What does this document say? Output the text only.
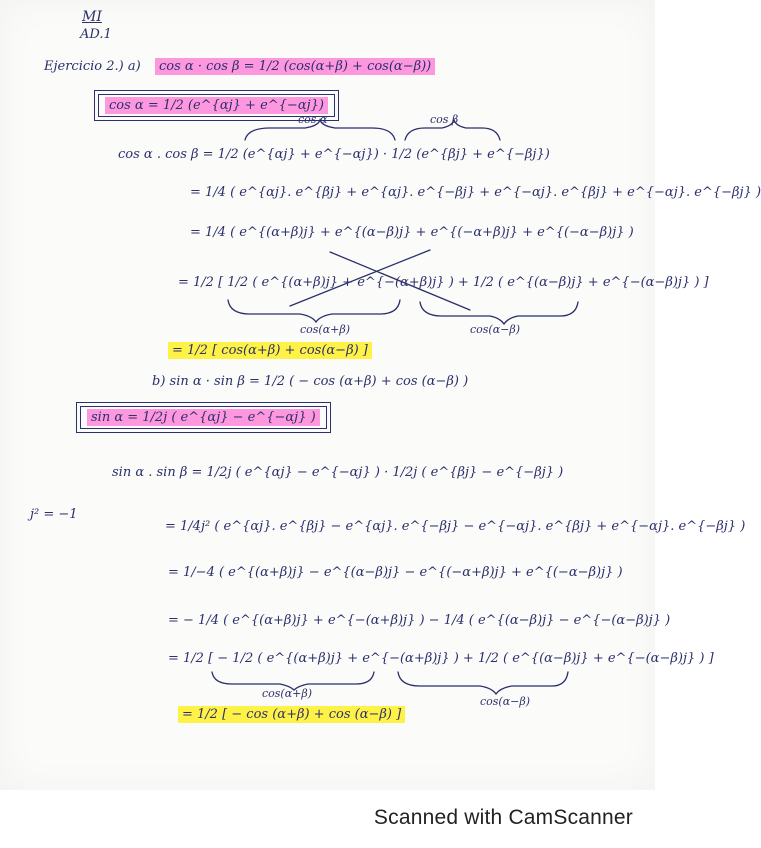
MI
AD.1
Ejercicio 2.) a)	cos α · cos β = 1/2 (cos(α+β) + cos(α−β))
cos α = 1/2 (e^{αj} + e^{−αj})
cos α	cos β
cos α . cos β = 1/2 (e^{αj} + e^{−αj}) · 1/2 (e^{βj} + e^{−βj})
= 1/4 ( e^{αj}. e^{βj} + e^{αj}. e^{−βj} + e^{−αj}. e^{βj} + e^{−αj}. e^{−βj} )
= 1/4 ( e^{(α+β)j} + e^{(α−β)j} + e^{(−α+β)j} + e^{(−α−β)j} )
= 1/2 [ 1/2 ( e^{(α+β)j} + e^{−(α+β)j} ) + 1/2 ( e^{(α−β)j} + e^{−(α−β)j} ) ]
cos(α+β)	cos(α−β)
= 1/2 [ cos(α+β) + cos(α−β) ]
b) sin α · sin β = 1/2 ( − cos (α+β) + cos (α−β) )
sin α = 1/2j ( e^{αj} − e^{−αj} )
sin α . sin β = 1/2j ( e^{αj} − e^{−αj} ) · 1/2j ( e^{βj} − e^{−βj} )
j² = −1
= 1/4j² ( e^{αj}. e^{βj} − e^{αj}. e^{−βj} − e^{−αj}. e^{βj} + e^{−αj}. e^{−βj} )
= 1/−4 ( e^{(α+β)j} − e^{(α−β)j} − e^{(−α+β)j} + e^{(−α−β)j} )
= − 1/4 ( e^{(α+β)j} + e^{−(α+β)j} ) − 1/4 ( e^{(α−β)j} − e^{−(α−β)j} )
= 1/2 [ − 1/2 ( e^{(α+β)j} + e^{−(α+β)j} ) + 1/2 ( e^{(α−β)j} + e^{−(α−β)j} ) ]
cos(α+β)
cos(α−β)
= 1/2 [ − cos (α+β) + cos (α−β) ]
Scanned with CamScanner
